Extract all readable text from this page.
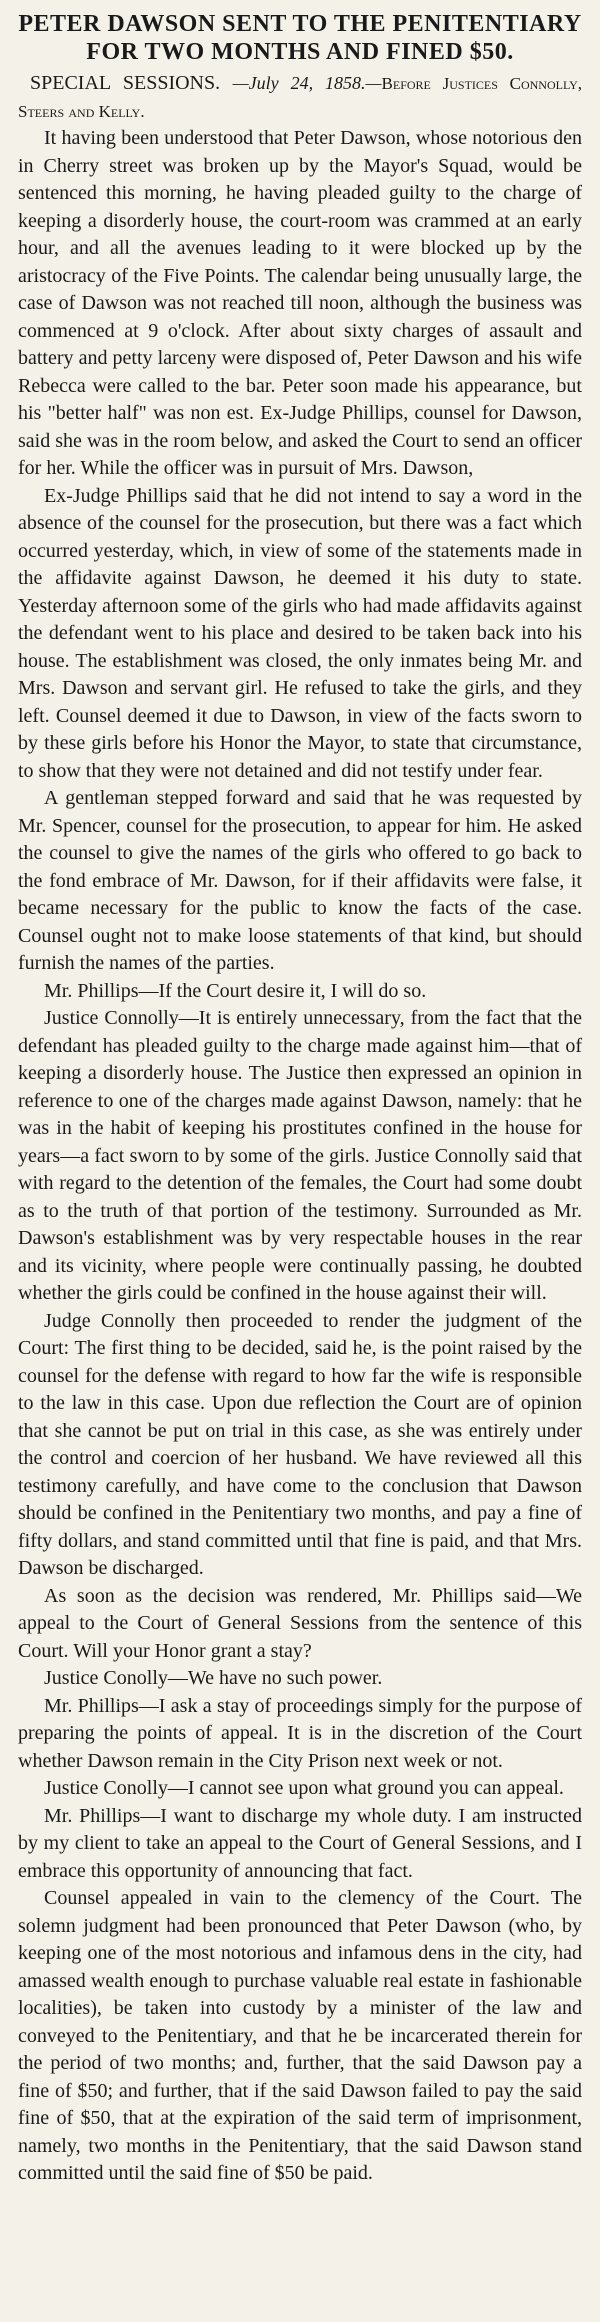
PETER DAWSON SENT TO THE PENITENTIARY FOR TWO MONTHS AND FINED $50.

SPECIAL SESSIONS. —July 24, 1858.—Before Justices Connolly, Steers and Kelly.

It having been understood that Peter Dawson, whose notorious den in Cherry street was broken up by the Mayor's Squad, would be sentenced this morning, he having pleaded guilty to the charge of keeping a disorderly house, the court-room was crammed at an early hour, and all the avenues leading to it were blocked up by the aristocracy of the Five Points. The calendar being unusually large, the case of Dawson was not reached till noon, although the business was commenced at 9 o'clock. After about sixty charges of assault and battery and petty larceny were disposed of, Peter Dawson and his wife Rebecca were called to the bar. Peter soon made his appearance, but his "better half" was non est. Ex-Judge Phillips, counsel for Dawson, said she was in the room below, and asked the Court to send an officer for her. While the officer was in pursuit of Mrs. Dawson,

Ex-Judge Phillips said that he did not intend to say a word in the absence of the counsel for the prosecution, but there was a fact which occurred yesterday, which, in view of some of the statements made in the affidavite against Dawson, he deemed it his duty to state. Yesterday afternoon some of the girls who had made affidavits against the defendant went to his place and desired to be taken back into his house. The establishment was closed, the only inmates being Mr. and Mrs. Dawson and servant girl. He refused to take the girls, and they left. Counsel deemed it due to Dawson, in view of the facts sworn to by these girls before his Honor the Mayor, to state that circumstance, to show that they were not detained and did not testify under fear.

A gentleman stepped forward and said that he was requested by Mr. Spencer, counsel for the prosecution, to appear for him. He asked the counsel to give the names of the girls who offered to go back to the fond embrace of Mr. Dawson, for if their affidavits were false, it became necessary for the public to know the facts of the case. Counsel ought not to make loose statements of that kind, but should furnish the names of the parties.

Mr. Phillips—If the Court desire it, I will do so.

Justice Connolly—It is entirely unnecessary, from the fact that the defendant has pleaded guilty to the charge made against him—that of keeping a disorderly house. The Justice then expressed an opinion in reference to one of the charges made against Dawson, namely: that he was in the habit of keeping his prostitutes confined in the house for years—a fact sworn to by some of the girls. Justice Connolly said that with regard to the detention of the females, the Court had some doubt as to the truth of that portion of the testimony. Surrounded as Mr. Dawson's establishment was by very respectable houses in the rear and its vicinity, where people were continually passing, he doubted whether the girls could be confined in the house against their will.

Judge Connolly then proceeded to render the judgment of the Court: The first thing to be decided, said he, is the point raised by the counsel for the defense with regard to how far the wife is responsible to the law in this case. Upon due reflection the Court are of opinion that she cannot be put on trial in this case, as she was entirely under the control and coercion of her husband. We have reviewed all this testimony carefully, and have come to the conclusion that Dawson should be confined in the Penitentiary two months, and pay a fine of fifty dollars, and stand committed until that fine is paid, and that Mrs. Dawson be discharged.

As soon as the decision was rendered, Mr. Phillips said—We appeal to the Court of General Sessions from the sentence of this Court. Will your Honor grant a stay?

Justice Conolly—We have no such power.

Mr. Phillips—I ask a stay of proceedings simply for the purpose of preparing the points of appeal. It is in the discretion of the Court whether Dawson remain in the City Prison next week or not.

Justice Conolly—I cannot see upon what ground you can appeal.

Mr. Phillips—I want to discharge my whole duty. I am instructed by my client to take an appeal to the Court of General Sessions, and I embrace this opportunity of announcing that fact.

Counsel appealed in vain to the clemency of the Court. The solemn judgment had been pronounced that Peter Dawson (who, by keeping one of the most notorious and infamous dens in the city, had amassed wealth enough to purchase valuable real estate in fashionable localities), be taken into custody by a minister of the law and conveyed to the Penitentiary, and that he be incarcerated therein for the period of two months; and, further, that the said Dawson pay a fine of $50; and further, that if the said Dawson failed to pay the said fine of $50, that at the expiration of the said term of imprisonment, namely, two months in the Penitentiary, that the said Dawson stand committed until the said fine of $50 be paid.
